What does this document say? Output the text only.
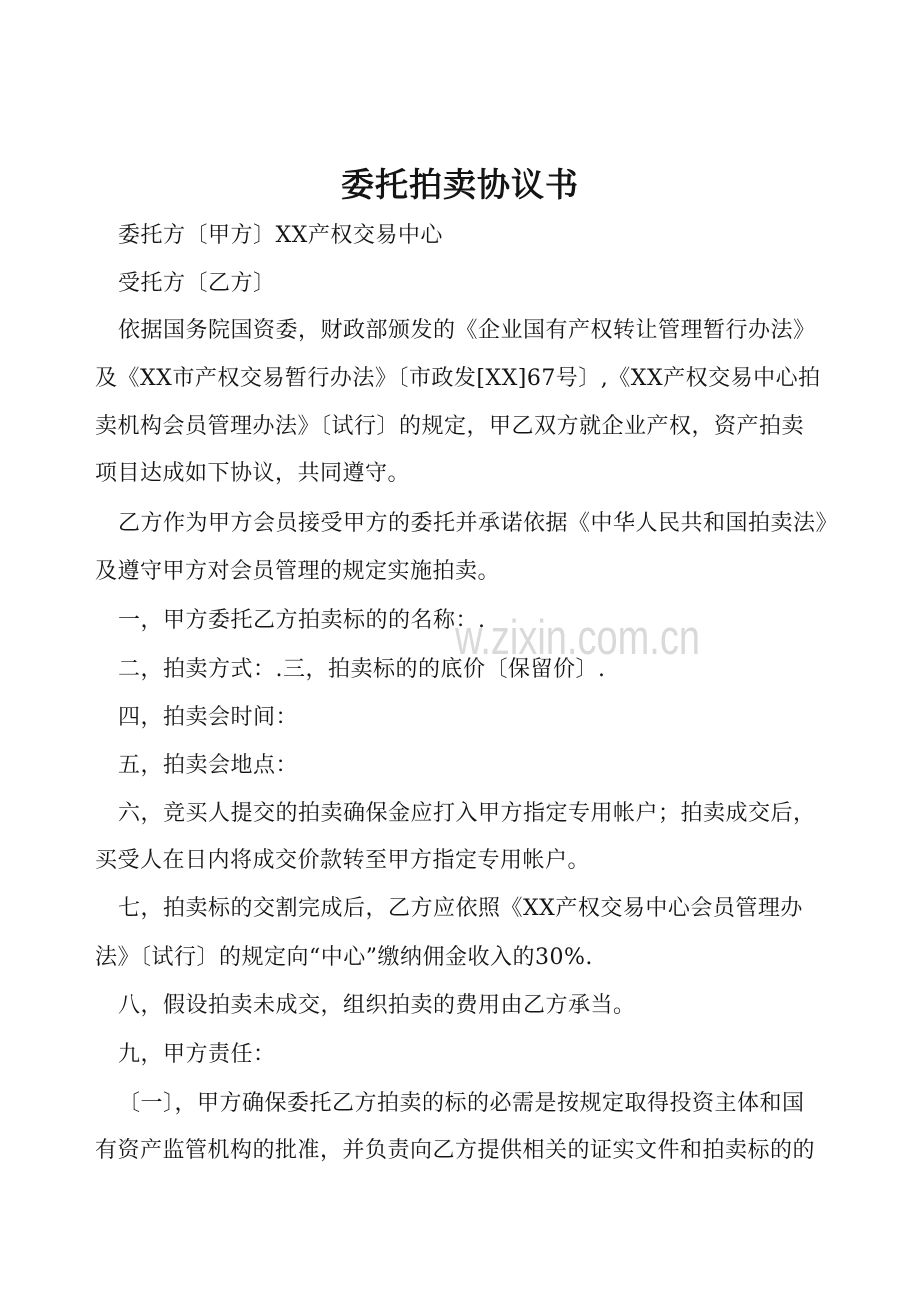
委托拍卖协议书
委托方〔甲方〕XX产权交易中心
受托方〔乙方〕
依据国务院国资委，财政部颁发的《企业国有产权转让管理暂行办法》
及《XX市产权交易暂行办法》〔市政发[XX]67号〕,《XX产权交易中心拍
卖机构会员管理办法》〔试行〕的规定，甲乙双方就企业产权，资产拍卖
项目达成如下协议，共同遵守。
乙方作为甲方会员接受甲方的委托并承诺依据《中华人民共和国拍卖法》
及遵守甲方对会员管理的规定实施拍卖。
一，甲方委托乙方拍卖标的的名称：.
二，拍卖方式：.三，拍卖标的的底价〔保留价〕.
四，拍卖会时间：
五，拍卖会地点：
六，竞买人提交的拍卖确保金应打入甲方指定专用帐户；拍卖成交后，
买受人在日内将成交价款转至甲方指定专用帐户。
七，拍卖标的交割完成后，乙方应依照《XX产权交易中心会员管理办
法》〔试行〕的规定向“中心”缴纳佣金收入的30%.
八，假设拍卖未成交，组织拍卖的费用由乙方承当。
九，甲方责任：
〔一〕，甲方确保委托乙方拍卖的标的必需是按规定取得投资主体和国
有资产监管机构的批准，并负责向乙方提供相关的证实文件和拍卖标的的
w.zixin.com.cn
